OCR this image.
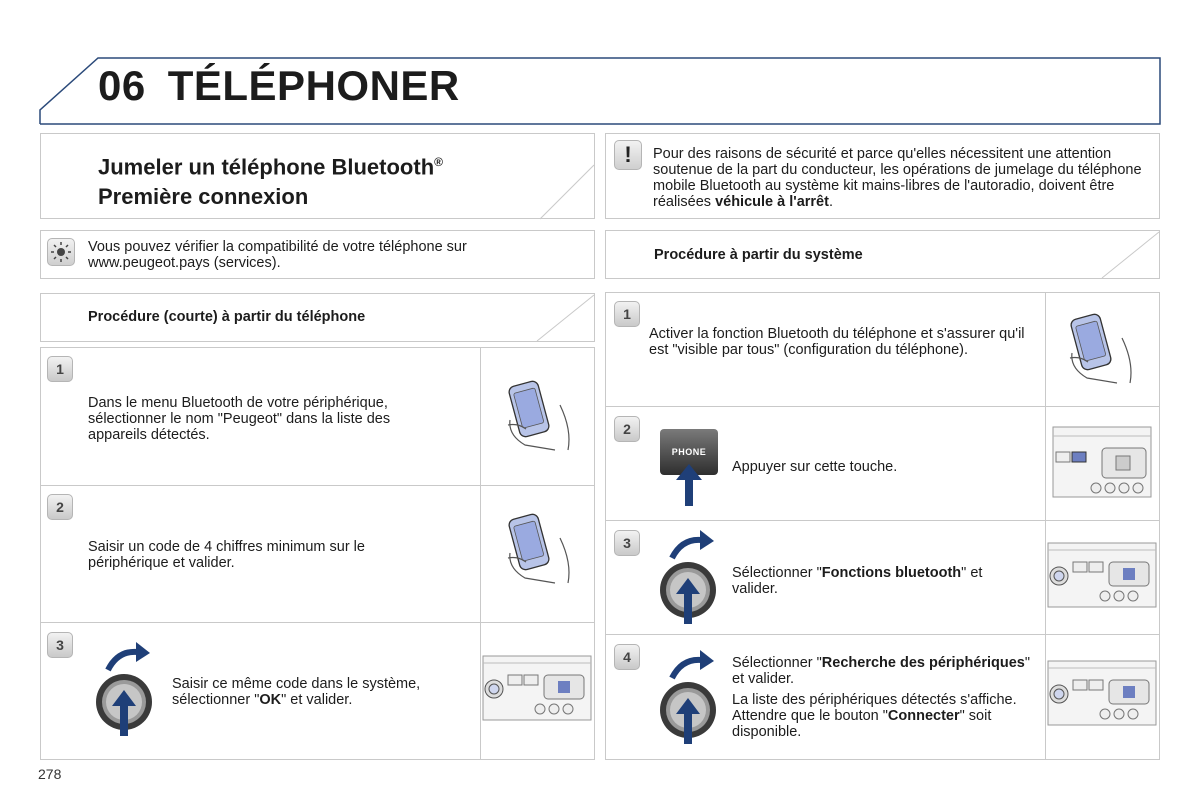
06 TÉLÉPHONER
Jumeler un téléphone Bluetooth®
Première connexion
!	Pour des raisons de sécurité et parce qu'elles nécessitent une attention soutenue de la part du conducteur, les opérations de jumelage du téléphone mobile Bluetooth au système kit mains-libres de l'autoradio, doivent être réalisées véhicule à l'arrêt.
Vous pouvez vérifier la compatibilité de votre téléphone sur www.peugeot.pays (services).	Procédure à partir du système
Procédure (courte) à partir du téléphone
1
Dans le menu Bluetooth de votre périphérique, sélectionner le nom "Peugeot" dans la liste des appareils détectés.
2
Saisir un code de 4 chiffres minimum sur le périphérique et valider.
3
Saisir ce même code dans le système, sélectionner "OK" et valider.
1
Activer la fonction Bluetooth du téléphone et s'assurer qu'il est "visible par tous" (configuration du téléphone).
2
PHONE
Appuyer sur cette touche.
3
Sélectionner "Fonctions bluetooth" et valider.
4	Sélectionner "Recherche des périphériques" et valider.
La liste des périphériques détectés s'affiche. Attendre que le bouton "Connecter" soit disponible.
278
